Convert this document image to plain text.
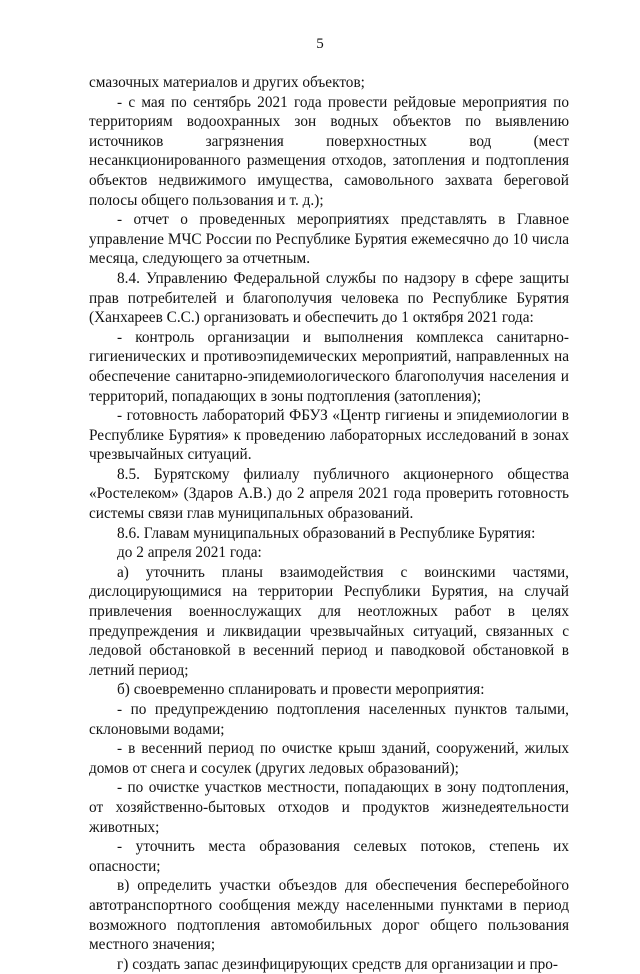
5

смазочных материалов и других объектов;

- с мая по сентябрь 2021 года провести рейдовые мероприятия по территориям водоохранных зон водных объектов по выявлению источников загрязнения поверхностных вод (мест несанкционированного размещения отходов, затопления и подтопления объектов недвижимого имущества, самовольного захвата береговой полосы общего пользования и т. д.);

- отчет о проведенных мероприятиях представлять в Главное управление МЧС России по Республике Бурятия ежемесячно до 10 числа месяца, следующего за отчетным.

8.4. Управлению Федеральной службы по надзору в сфере защиты прав потребителей и благополучия человека по Республике Бурятия (Ханхареев С.С.) организовать и обеспечить до 1 октября 2021 года:

- контроль организации и выполнения комплекса санитарно-гигиенических и противоэпидемических мероприятий, направленных на обеспечение санитарно-эпидемиологического благополучия населения и территорий, попадающих в зоны подтопления (затопления);

- готовность лабораторий ФБУЗ «Центр гигиены и эпидемиологии в Республике Бурятия» к проведению лабораторных исследований в зонах чрезвычайных ситуаций.

8.5. Бурятскому филиалу публичного акционерного общества «Ростелеком» (Здаров А.В.) до 2 апреля 2021 года проверить готовность системы связи глав муниципальных образований.

8.6. Главам муниципальных образований в Республике Бурятия:

до 2 апреля 2021 года:

а) уточнить планы взаимодействия с воинскими частями, дислоцирующимися на территории Республики Бурятия, на случай привлечения военнослужащих для неотложных работ в целях предупреждения и ликвидации чрезвычайных ситуаций, связанных с ледовой обстановкой в весенний период и паводковой обстановкой в летний период;

б) своевременно спланировать и провести мероприятия:

- по предупреждению подтопления населенных пунктов талыми, склоновыми водами;

- в весенний период по очистке крыш зданий, сооружений, жилых домов от снега и сосулек (других ледовых образований);

- по очистке участков местности, попадающих в зону подтопления, от хозяйственно-бытовых отходов и продуктов жизнедеятельности животных;

- уточнить места образования селевых потоков, степень их опасности;

в) определить участки объездов для обеспечения бесперебойного автотранспортного сообщения между населенными пунктами в период возможного подтопления автомобильных дорог общего пользования местного значения;

г) создать запас дезинфицирующих средств для организации и про-
